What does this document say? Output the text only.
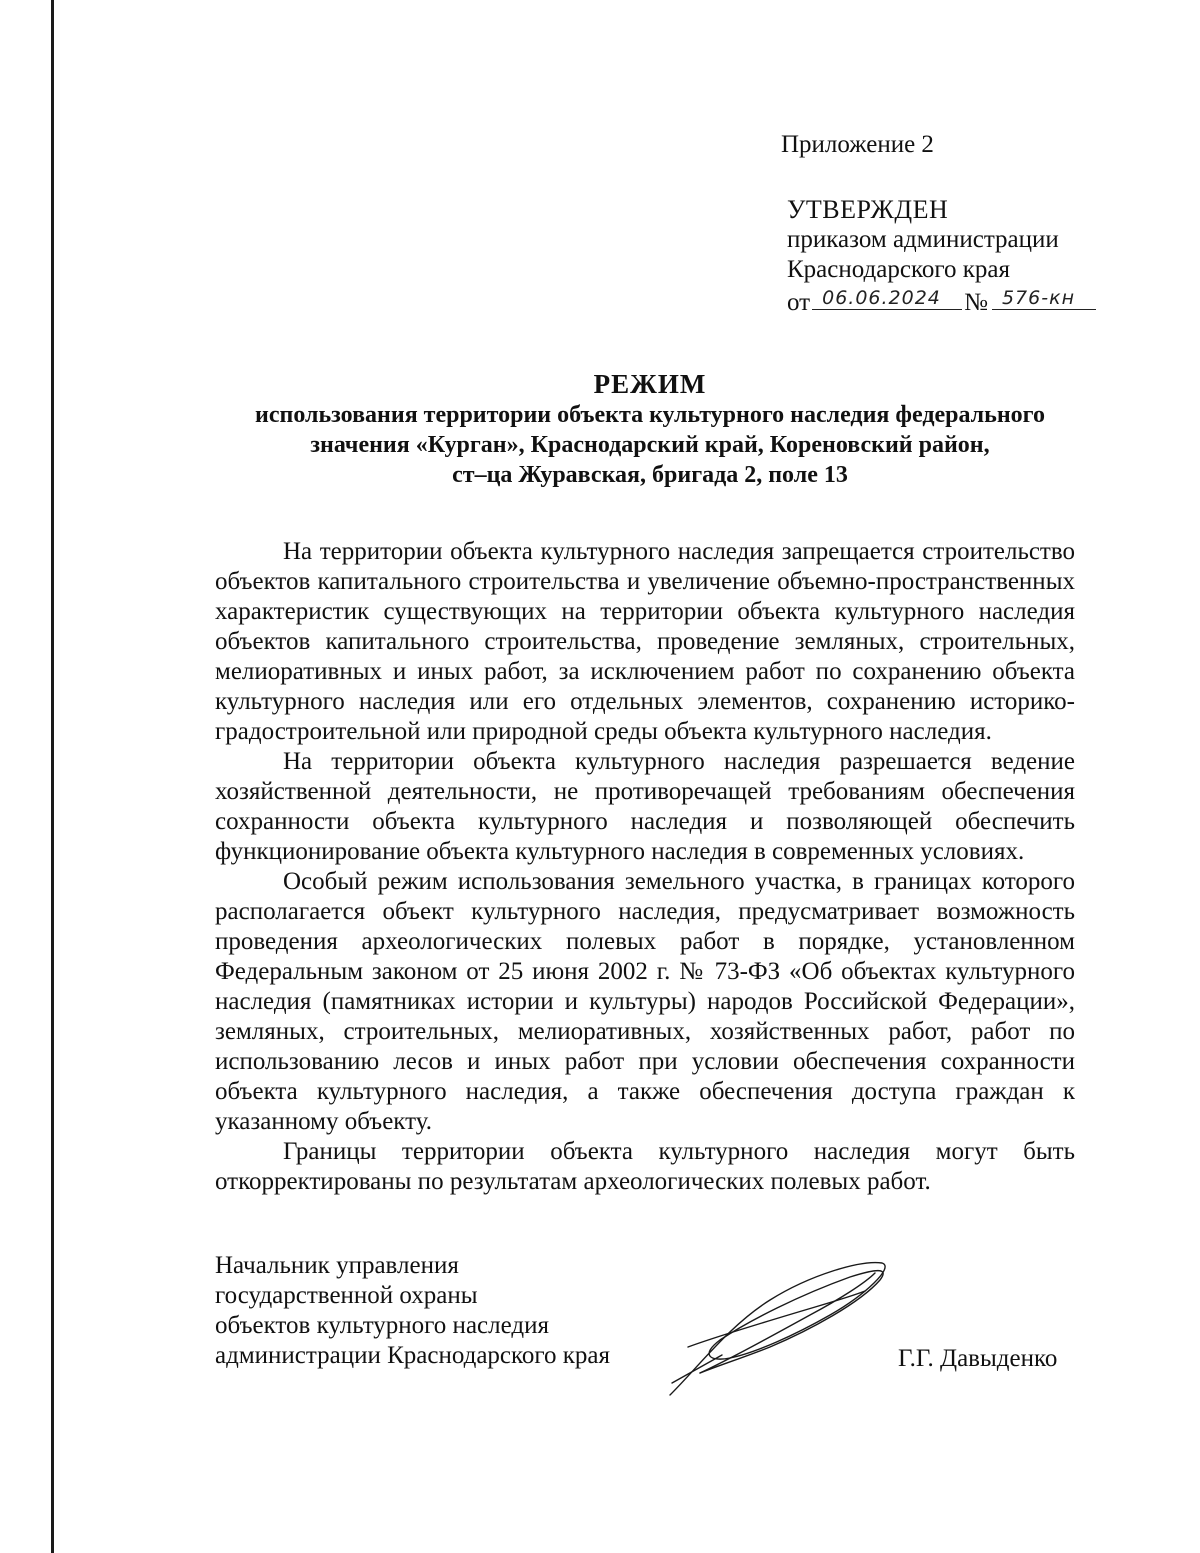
Приложение 2
УТВЕРЖДЕН
приказом администрации
Краснодарского края
от 06.06.2024 № 576-кн
РЕЖИМ
использования территории объекта культурного наследия федерального
значения «Курган», Краснодарский край, Кореновский район,
ст–ца Журавская, бригада 2, поле 13

На территории объекта культурного наследия запрещается строительство объектов капитального строительства и увеличение объемно-пространственных характеристик существующих на территории объекта культурного наследия объектов капитального строительства, проведение земляных, строительных, мелиоративных и иных работ, за исключением работ по сохранению объекта культурного наследия или его отдельных элементов, сохранению историко-градостроительной или природной среды объекта культурного наследия.

На территории объекта культурного наследия разрешается ведение хозяйственной деятельности, не противоречащей требованиям обеспечения сохранности объекта культурного наследия и позволяющей обеспечить функционирование объекта культурного наследия в современных условиях.

Особый режим использования земельного участка, в границах которого располагается объект культурного наследия, предусматривает возможность проведения археологических полевых работ в порядке, установленном Федеральным законом от 25 июня 2002 г. № 73-ФЗ «Об объектах культурного наследия (памятниках истории и культуры) народов Российской Федерации», земляных, строительных, мелиоративных, хозяйственных работ, работ по использованию лесов и иных работ при условии обеспечения сохранности объекта культурного наследия, а также обеспечения доступа граждан к указанному объекту.

Границы территории объекта культурного наследия могут быть откорректированы по результатам археологических полевых работ.

Начальник управления
государственной охраны
объектов культурного наследия
администрации Краснодарского края	Г.Г. Давыденко
